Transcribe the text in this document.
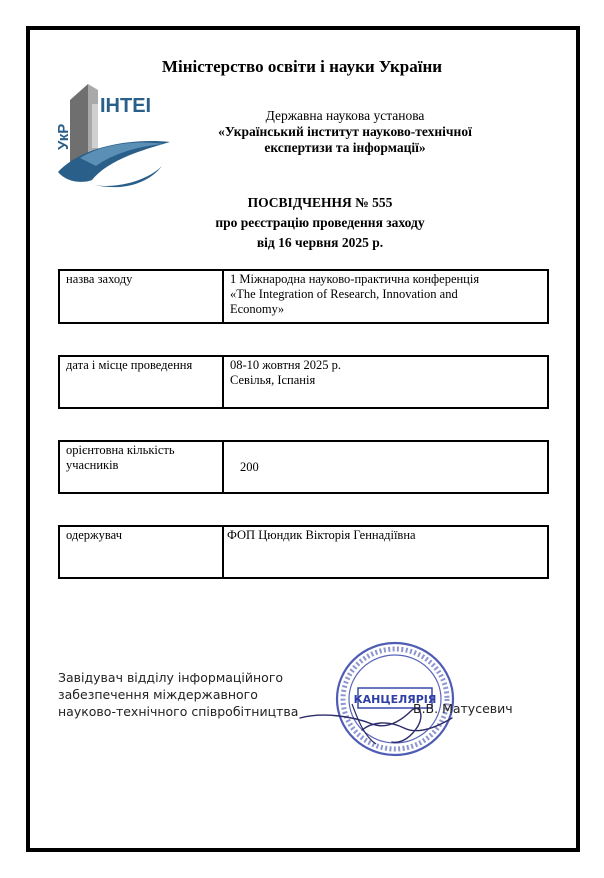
Міністерство освіти і науки України
УкР
ІНТЕІ	Державна наукова установа
«Український інститут науково-технічної
експертизи та інформації»
ПОСВІДЧЕННЯ № 555
про реєстрацію проведення заходу
від 16 червня 2025 р.
назва заходу	1 Міжнародна науково-практична конференція
«The Integration of Research, Innovation and
Economy»
дата і місце проведення	08-10 жовтня 2025 р.
Севілья, Іспанія
орієнтовна кількість
учасників	200
одержувач	ФОП Цюндик Вікторія Геннадіївна
Завідувач відділу інформаційного
забезпечення міждержавного
науково-технічного співробітництва
КАНЦЕЛЯРІЯ
В.В. Матусевич
